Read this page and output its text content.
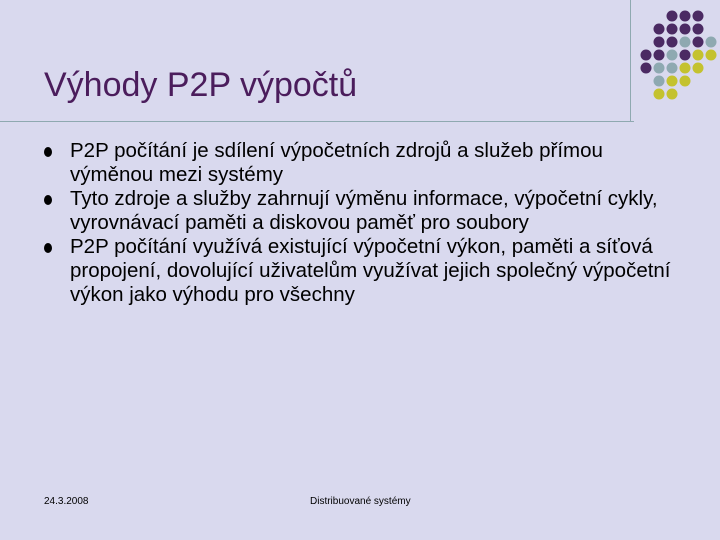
Výhody P2P výpočtů
P2P počítání je sdílení výpočetních zdrojů a služeb přímou výměnou mezi systémy
Tyto zdroje a služby zahrnují výměnu informace, výpočetní cykly, vyrovnávací paměti a diskovou paměť pro soubory
P2P počítání využívá existující výpočetní výkon, paměti a síťová propojení, dovolující uživatelům využívat jejich společný výpočetní výkon jako výhodu pro všechny
24.3.2008	Distribuované systémy
